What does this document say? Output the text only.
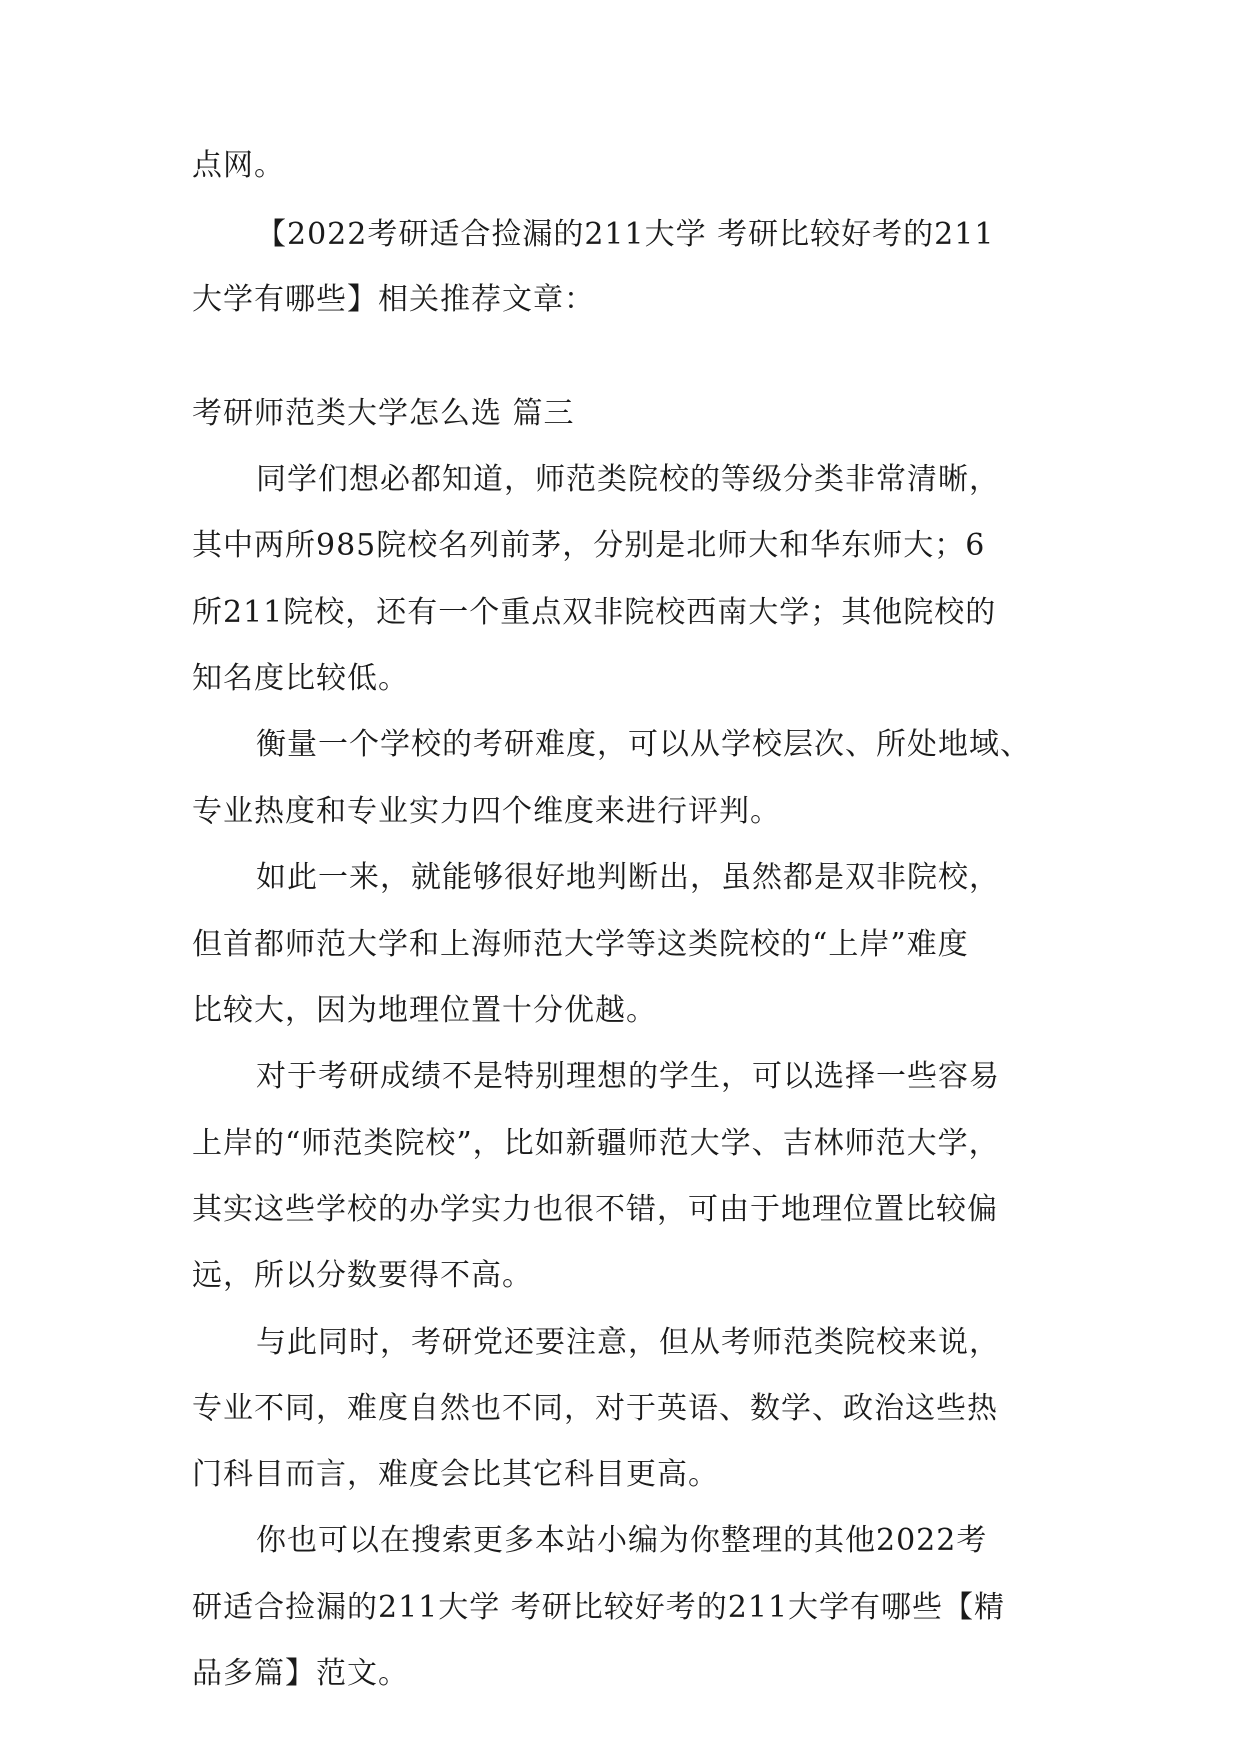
点网。
【2022考研适合捡漏的211大学 考研比较好考的211
大学有哪些】相关推荐文章：
考研师范类大学怎么选 篇三
同学们想必都知道，师范类院校的等级分类非常清晰，
其中两所985院校名列前茅，分别是北师大和华东师大；6
所211院校，还有一个重点双非院校西南大学；其他院校的
知名度比较低。
衡量一个学校的考研难度，可以从学校层次、所处地域、
专业热度和专业实力四个维度来进行评判。
如此一来，就能够很好地判断出，虽然都是双非院校，
但首都师范大学和上海师范大学等这类院校的“上岸”难度
比较大，因为地理位置十分优越。
对于考研成绩不是特别理想的学生，可以选择一些容易
上岸的“师范类院校”，比如新疆师范大学、吉林师范大学，
其实这些学校的办学实力也很不错，可由于地理位置比较偏
远，所以分数要得不高。
与此同时，考研党还要注意，但从考师范类院校来说，
专业不同，难度自然也不同，对于英语、数学、政治这些热
门科目而言，难度会比其它科目更高。
你也可以在搜索更多本站小编为你整理的其他2022考
研适合捡漏的211大学 考研比较好考的211大学有哪些【精
品多篇】范文。
